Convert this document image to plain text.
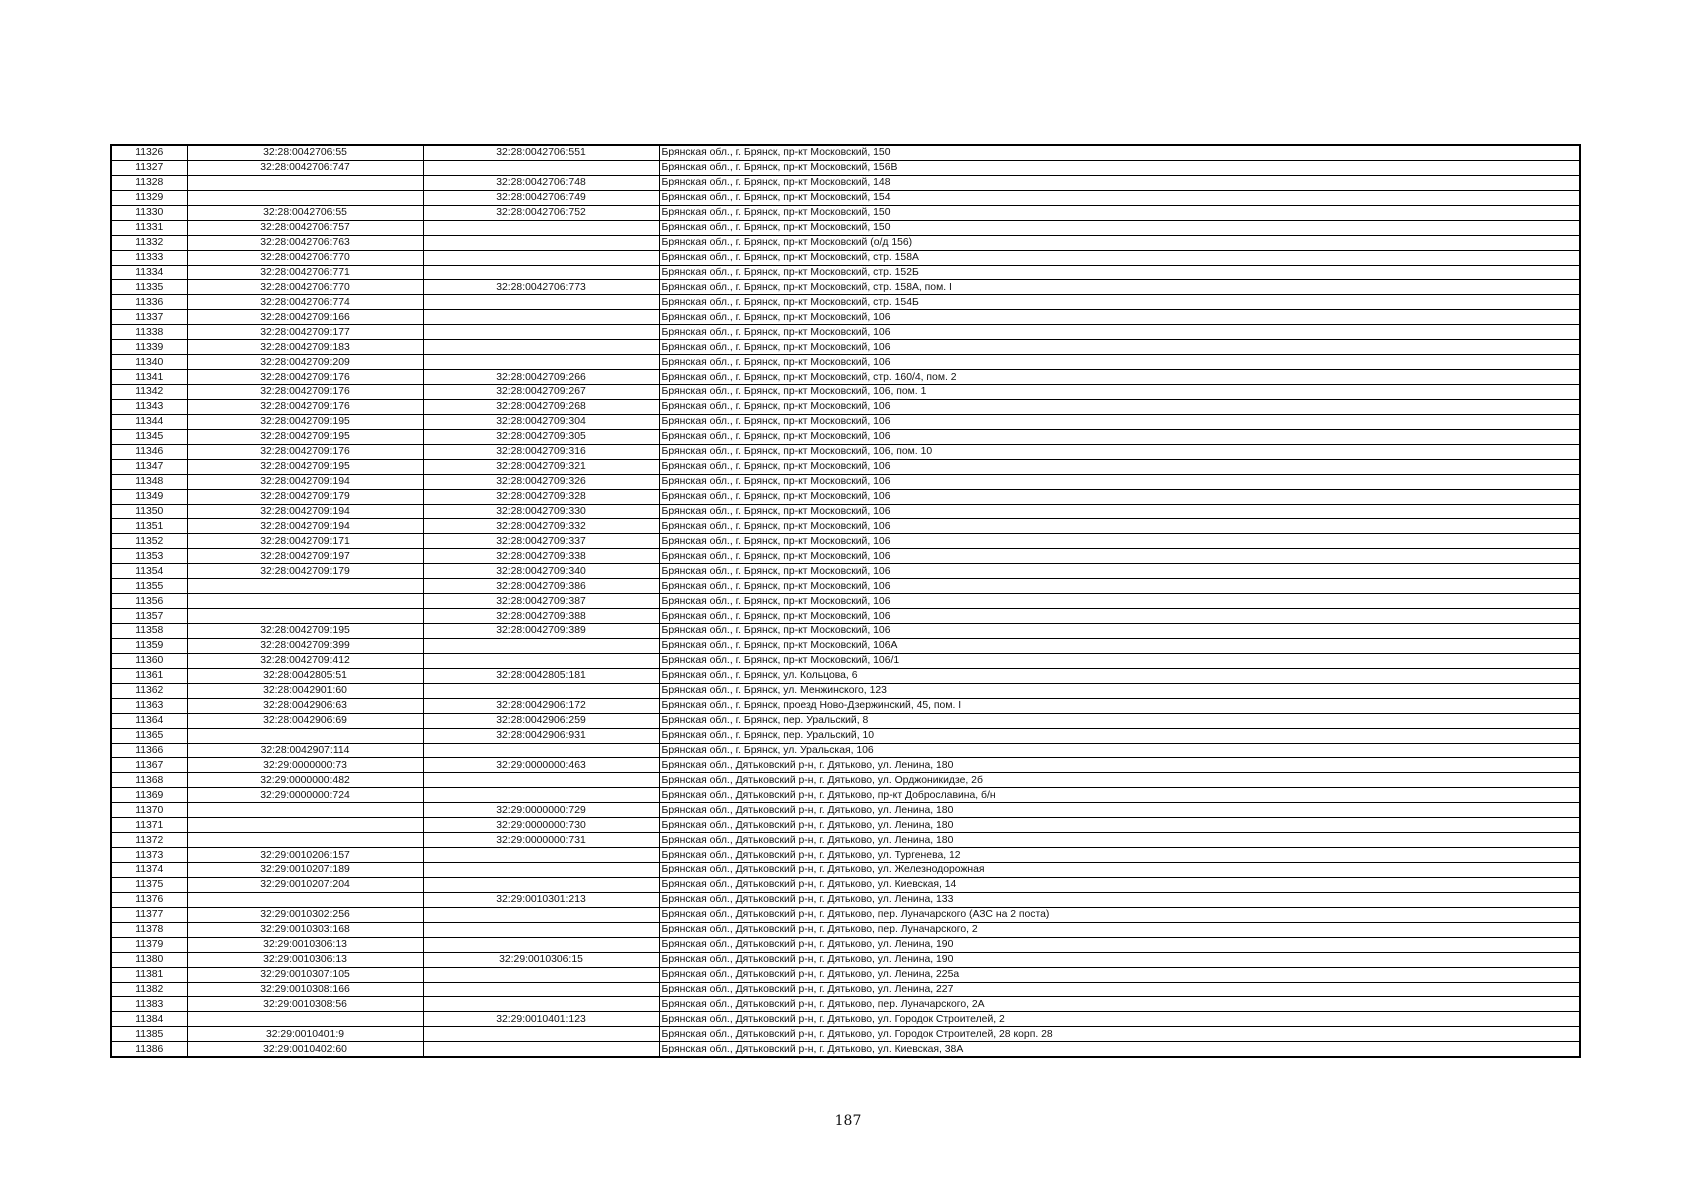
11326	32:28:0042706:55	32:28:0042706:551	Брянская обл., г. Брянск, пр-кт Московский, 150
11327	32:28:0042706:747		Брянская обл., г. Брянск, пр-кт Московский, 156В
11328		32:28:0042706:748	Брянская обл., г. Брянск, пр-кт Московский, 148
11329		32:28:0042706:749	Брянская обл., г. Брянск, пр-кт Московский, 154
11330	32:28:0042706:55	32:28:0042706:752	Брянская обл., г. Брянск, пр-кт Московский, 150
11331	32:28:0042706:757		Брянская обл., г. Брянск, пр-кт Московский, 150
11332	32:28:0042706:763		Брянская обл., г. Брянск, пр-кт Московский (о/д 156)
11333	32:28:0042706:770		Брянская обл., г. Брянск, пр-кт Московский, стр. 158А
11334	32:28:0042706:771		Брянская обл., г. Брянск, пр-кт Московский, стр. 152Б
11335	32:28:0042706:770	32:28:0042706:773	Брянская обл., г. Брянск, пр-кт Московский, стр. 158А, пом. I
11336	32:28:0042706:774		Брянская обл., г. Брянск, пр-кт Московский, стр. 154Б
11337	32:28:0042709:166		Брянская обл., г. Брянск, пр-кт Московский, 106
11338	32:28:0042709:177		Брянская обл., г. Брянск, пр-кт Московский, 106
11339	32:28:0042709:183		Брянская обл., г. Брянск, пр-кт Московский, 106
11340	32:28:0042709:209		Брянская обл., г. Брянск, пр-кт Московский, 106
11341	32:28:0042709:176	32:28:0042709:266	Брянская обл., г. Брянск, пр-кт Московский, стр. 160/4, пом. 2
11342	32:28:0042709:176	32:28:0042709:267	Брянская обл., г. Брянск, пр-кт Московский, 106, пом. 1
11343	32:28:0042709:176	32:28:0042709:268	Брянская обл., г. Брянск, пр-кт Московский, 106
11344	32:28:0042709:195	32:28:0042709:304	Брянская обл., г. Брянск, пр-кт Московский, 106
11345	32:28:0042709:195	32:28:0042709:305	Брянская обл., г. Брянск, пр-кт Московский, 106
11346	32:28:0042709:176	32:28:0042709:316	Брянская обл., г. Брянск, пр-кт Московский, 106, пом. 10
11347	32:28:0042709:195	32:28:0042709:321	Брянская обл., г. Брянск, пр-кт Московский, 106
11348	32:28:0042709:194	32:28:0042709:326	Брянская обл., г. Брянск, пр-кт Московский, 106
11349	32:28:0042709:179	32:28:0042709:328	Брянская обл., г. Брянск, пр-кт Московский, 106
11350	32:28:0042709:194	32:28:0042709:330	Брянская обл., г. Брянск, пр-кт Московский, 106
11351	32:28:0042709:194	32:28:0042709:332	Брянская обл., г. Брянск, пр-кт Московский, 106
11352	32:28:0042709:171	32:28:0042709:337	Брянская обл., г. Брянск, пр-кт Московский, 106
11353	32:28:0042709:197	32:28:0042709:338	Брянская обл., г. Брянск, пр-кт Московский, 106
11354	32:28:0042709:179	32:28:0042709:340	Брянская обл., г. Брянск, пр-кт Московский, 106
11355		32:28:0042709:386	Брянская обл., г. Брянск, пр-кт Московский, 106
11356		32:28:0042709:387	Брянская обл., г. Брянск, пр-кт Московский, 106
11357		32:28:0042709:388	Брянская обл., г. Брянск, пр-кт Московский, 106
11358	32:28:0042709:195	32:28:0042709:389	Брянская обл., г. Брянск, пр-кт Московский, 106
11359	32:28:0042709:399		Брянская обл., г. Брянск, пр-кт Московский, 106А
11360	32:28:0042709:412		Брянская обл., г. Брянск, пр-кт Московский, 106/1
11361	32:28:0042805:51	32:28:0042805:181	Брянская обл., г. Брянск, ул. Кольцова, 6
11362	32:28:0042901:60		Брянская обл., г. Брянск, ул. Менжинского, 123
11363	32:28:0042906:63	32:28:0042906:172	Брянская обл., г. Брянск, проезд Ново-Дзержинский, 45, пом. I
11364	32:28:0042906:69	32:28:0042906:259	Брянская обл., г. Брянск, пер. Уральский, 8
11365		32:28:0042906:931	Брянская обл., г. Брянск, пер. Уральский, 10
11366	32:28:0042907:114		Брянская обл., г. Брянск, ул. Уральская, 106
11367	32:29:0000000:73	32:29:0000000:463	Брянская обл., Дятьковский р-н, г. Дятьково, ул. Ленина, 180
11368	32:29:0000000:482		Брянская обл., Дятьковский р-н, г. Дятьково, ул. Орджоникидзе, 2б
11369	32:29:0000000:724		Брянская обл., Дятьковский р-н, г. Дятьково, пр-кт Доброславина, б/н
11370		32:29:0000000:729	Брянская обл., Дятьковский р-н, г. Дятьково, ул. Ленина, 180
11371		32:29:0000000:730	Брянская обл., Дятьковский р-н, г. Дятьково, ул. Ленина, 180
11372		32:29:0000000:731	Брянская обл., Дятьковский р-н, г. Дятьково, ул. Ленина, 180
11373	32:29:0010206:157		Брянская обл., Дятьковский р-н, г. Дятьково, ул. Тургенева, 12
11374	32:29:0010207:189		Брянская обл., Дятьковский р-н, г. Дятьково, ул. Железнодорожная
11375	32:29:0010207:204		Брянская обл., Дятьковский р-н, г. Дятьково, ул. Киевская, 14
11376		32:29:0010301:213	Брянская обл., Дятьковский р-н, г. Дятьково, ул. Ленина, 133
11377	32:29:0010302:256		Брянская обл., Дятьковский р-н, г. Дятьково, пер. Луначарского (АЗС на 2 поста)
11378	32:29:0010303:168		Брянская обл., Дятьковский р-н, г. Дятьково, пер. Луначарского, 2
11379	32:29:0010306:13		Брянская обл., Дятьковский р-н, г. Дятьково, ул. Ленина, 190
11380	32:29:0010306:13	32:29:0010306:15	Брянская обл., Дятьковский р-н, г. Дятьково, ул. Ленина, 190
11381	32:29:0010307:105		Брянская обл., Дятьковский р-н, г. Дятьково, ул. Ленина, 225а
11382	32:29:0010308:166		Брянская обл., Дятьковский р-н, г. Дятьково, ул. Ленина, 227
11383	32:29:0010308:56		Брянская обл., Дятьковский р-н, г. Дятьково, пер. Луначарского, 2А
11384		32:29:0010401:123	Брянская обл., Дятьковский р-н, г. Дятьково, ул. Городок Строителей, 2
11385	32:29:0010401:9		Брянская обл., Дятьковский р-н, г. Дятьково, ул. Городок Строителей, 28 корп. 28
11386	32:29:0010402:60		Брянская обл., Дятьковский р-н, г. Дятьково, ул. Киевская, 38А
187
